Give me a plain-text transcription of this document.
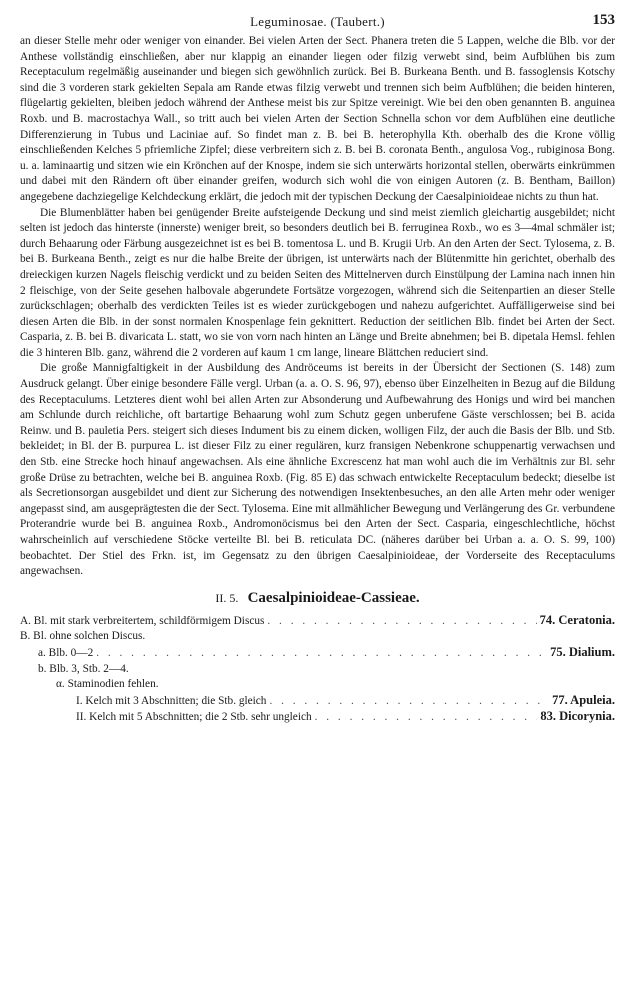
Leguminosae. (Taubert.)	153

an dieser Stelle mehr oder weniger von einander. Bei vielen Arten der Sect. Phanera treten die 5 Lappen, welche die Blb. vor der Anthese vollständig einschließen, aber nur klappig an einander liegen oder filzig verwebt sind, beim Aufblühen bis zum Receptaculum regelmäßig auseinander und biegen sich gewöhnlich zurück. Bei B. Burkeana Benth. und B. fassoglensis Kotschy sind die 3 vorderen stark gekielten Sepala am Rande etwas filzig verwebt und trennen sich beim Aufblühen; die beiden hinteren, flügelartig gekielten, bleiben jedoch während der Anthese meist bis zur Spitze vereinigt. Wie bei den oben genannten B. anguinea Roxb. und B. macrostachya Wall., so tritt auch bei vielen Arten der Section Schnella schon vor dem Aufblühen eine deutliche Differenzierung in Tubus und Laciniae auf. So findet man z. B. bei B. heterophylla Kth. oberhalb des die Krone völlig einschließenden Kelches 5 pfriemliche Zipfel; diese verbreitern sich z. B. bei B. coronata Benth., angulosa Vog., rubiginosa Bong. u. a. laminaartig und sitzen wie ein Krönchen auf der Knospe, indem sie sich unterwärts horizontal stellen, oberwärts einkrümmen und dabei mit den Rändern oft über einander greifen, wodurch sich wohl die von einigen Autoren (z. B. Bentham, Baillon) angegebene dachziegelige Kelchdeckung erklärt, die jedoch mit der typischen Deckung der Caesalpinioideae nichts zu thun hat.

Die Blumenblätter haben bei genügender Breite aufsteigende Deckung und sind meist ziemlich gleichartig ausgebildet; nicht selten ist jedoch das hinterste (innerste) weniger breit, so besonders deutlich bei B. ferruginea Roxb., wo es 3—4mal schmäler ist; durch Behaarung oder Färbung ausgezeichnet ist es bei B. tomentosa L. und B. Krugii Urb. An den Arten der Sect. Tylosema, z. B. bei B. Burkeana Benth., zeigt es nur die halbe Breite der übrigen, ist unterwärts nach der Blütenmitte hin gerichtet, oberhalb des dreieckigen kurzen Nagels fleischig verdickt und zu beiden Seiten des Mittelnerven durch Einstülpung der Lamina nach innen hin 2 fleischige, von der Seite gesehen halbovale abgerundete Fortsätze vorgezogen, während sich die Seitenpartien an dieser Stelle zurückschlagen; oberhalb des verdickten Teiles ist es wieder zurückgebogen und nahezu aufgerichtet. Auffälligerweise sind bei diesen Arten die Blb. in der sonst normalen Knospenlage fein geknittert. Reduction der seitlichen Blb. findet bei Arten der Sect. Casparia, z. B. bei B. divaricata L. statt, wo sie von vorn nach hinten an Länge und Breite abnehmen; bei B. dipetala Hemsl. fehlen die 3 hinteren Blb. ganz, während die 2 vorderen auf kaum 1 cm lange, lineare Blättchen reduciert sind.

Die große Mannigfaltigkeit in der Ausbildung des Andröceums ist bereits in der Übersicht der Sectionen (S. 148) zum Ausdruck gelangt. Über einige besondere Fälle vergl. Urban (a. a. O. S. 96, 97), ebenso über Einzelheiten in Bezug auf die Bildung des Receptaculums. Letzteres dient wohl bei allen Arten zur Absonderung und Aufbewahrung des Honigs und wird bei manchen am Schlunde durch reichliche, oft bartartige Behaarung wohl zum Schutz gegen unberufene Gäste verschlossen; bei B. acida Reinw. und B. pauletia Pers. steigert sich dieses Indument bis zu einem dicken, wolligen Filz, der auch die Basis der Blb. und Stb. bekleidet; in Bl. der B. purpurea L. ist dieser Filz zu einer regulären, kurz fransigen Nebenkrone schuppenartig verwachsen und den Stb. eine Strecke hoch hinauf angewachsen. Als eine ähnliche Excrescenz hat man wohl auch die im Verhältnis zur Bl. sehr große Drüse zu betrachten, welche bei B. anguinea Roxb. (Fig. 85 E) das schwach entwickelte Receptaculum bedeckt; dieselbe ist als Secretionsorgan ausgebildet und dient zur Sicherung des notwendigen Insektenbesuches, an den alle Arten mehr oder weniger angepasst sind, am ausgeprägtesten die der Sect. Tylosema. Eine mit allmählicher Bewegung und Verlängerung des Gr. verbundene Proterandrie wurde bei B. anguinea Roxb., Andromonöcismus bei den Arten der Sect. Casparia, eingeschlechtliche, höchst wahrscheinlich auf verschiedene Stöcke verteilte Bl. bei B. reticulata DC. (näheres darüber bei Urban a. a. O. S. 99, 100) beobachtet. Der Stiel des Frkn. ist, im Gegensatz zu den übrigen Caesalpinioideae, der Vorderseite des Receptaculums angewachsen.

II. 5. Caesalpinioideae-Cassieae.
A. Bl. mit stark verbreitertem, schildförmigem Discus . . .	74. Ceratonia.
B. Bl. ohne solchen Discus.
a. Blb. 0—2 . . .	75. Dialium.
b. Blb. 3, Stb. 2—4.
α. Staminodien fehlen.
I. Kelch mit 3 Abschnitten; die Stb. gleich . . .	77. Apuleia.
II. Kelch mit 5 Abschnitten; die 2 Stb. sehr ungleich . . .	83. Dicorynia.
